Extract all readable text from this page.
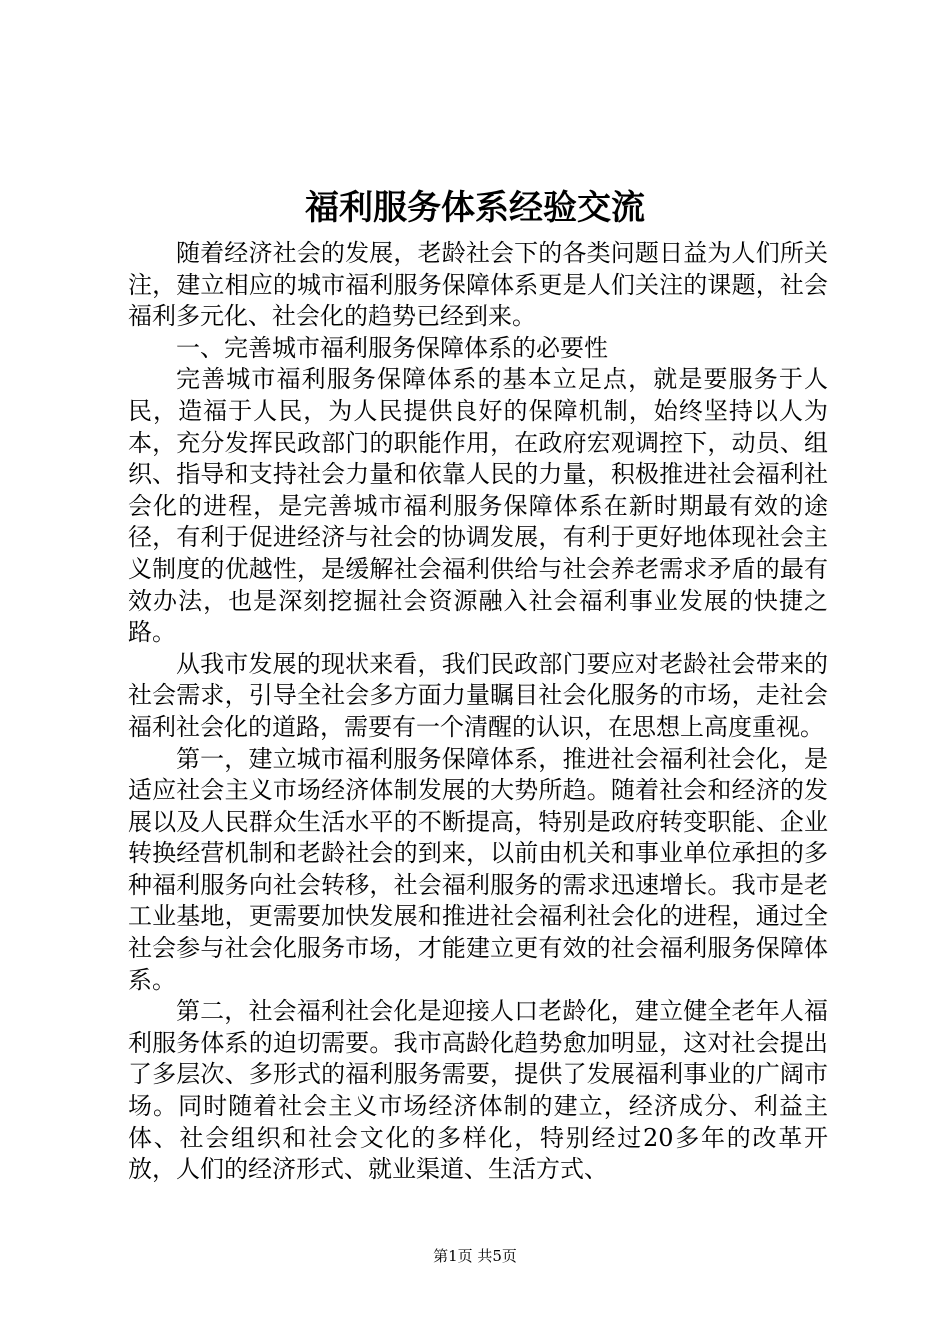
福利服务体系经验交流

随着经济社会的发展，老龄社会下的各类问题日益为人们所关注，建立相应的城市福利服务保障体系更是人们关注的课题，社会福利多元化、社会化的趋势已经到来。

一、完善城市福利服务保障体系的必要性

完善城市福利服务保障体系的基本立足点，就是要服务于人民，造福于人民，为人民提供良好的保障机制，始终坚持以人为本，充分发挥民政部门的职能作用，在政府宏观调控下，动员、组织、指导和支持社会力量和依靠人民的力量，积极推进社会福利社会化的进程，是完善城市福利服务保障体系在新时期最有效的途径，有利于促进经济与社会的协调发展，有利于更好地体现社会主义制度的优越性，是缓解社会福利供给与社会养老需求矛盾的最有效办法，也是深刻挖掘社会资源融入社会福利事业发展的快捷之路。

从我市发展的现状来看，我们民政部门要应对老龄社会带来的社会需求，引导全社会多方面力量瞩目社会化服务的市场，走社会福利社会化的道路，需要有一个清醒的认识，在思想上高度重视。

第一，建立城市福利服务保障体系，推进社会福利社会化，是适应社会主义市场经济体制发展的大势所趋。随着社会和经济的发展以及人民群众生活水平的不断提高，特别是政府转变职能、企业转换经营机制和老龄社会的到来，以前由机关和事业单位承担的多种福利服务向社会转移，社会福利服务的需求迅速增长。我市是老工业基地，更需要加快发展和推进社会福利社会化的进程，通过全社会参与社会化服务市场，才能建立更有效的社会福利服务保障体系。

第二，社会福利社会化是迎接人口老龄化，建立健全老年人福利服务体系的迫切需要。我市高龄化趋势愈加明显，这对社会提出了多层次、多形式的福利服务需要，提供了发展福利事业的广阔市场。同时随着社会主义市场经济体制的建立，经济成分、利益主体、社会组织和社会文化的多样化，特别经过20多年的改革开放，人们的经济形式、就业渠道、生活方式、

第1页 共5页
